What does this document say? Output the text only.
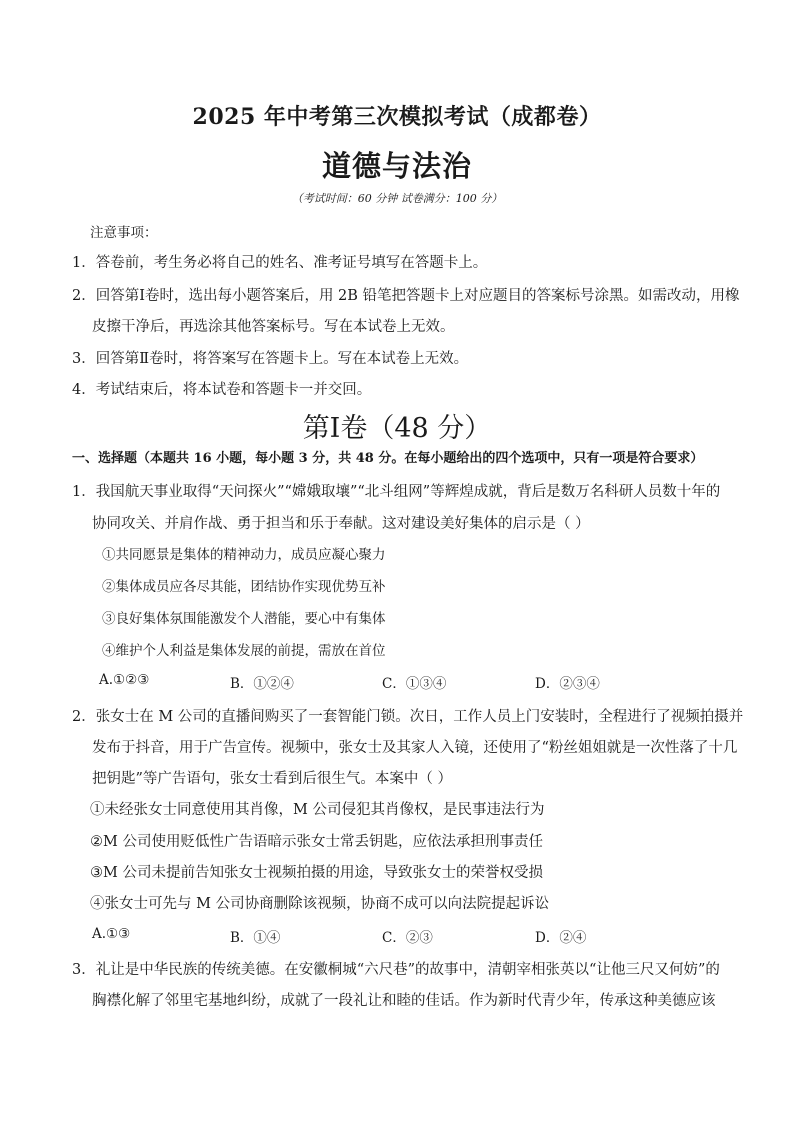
2025 年中考第三次模拟考试（成都卷）
道德与法治
（考试时间：60 分钟 试卷满分：100 分）
注意事项：
1．答卷前，考生务必将自己的姓名、准考证号填写在答题卡上。
2．回答第Ⅰ卷时，选出每小题答案后，用 2B 铅笔把答题卡上对应题目的答案标号涂黑。如需改动，用橡
皮擦干净后，再选涂其他答案标号。写在本试卷上无效。
3．回答第Ⅱ卷时，将答案写在答题卡上。写在本试卷上无效。
4．考试结束后，将本试卷和答题卡一并交回。
第Ⅰ卷（48 分）
一、选择题（本题共 16 小题，每小题 3 分，共 48 分。在每小题给出的四个选项中，只有一项是符合要求）
1．我国航天事业取得“天问探火”“嫦娥取壤”“北斗组网”等辉煌成就，背后是数万名科研人员数十年的
协同攻关、并肩作战、勇于担当和乐于奉献。这对建设美好集体的启示是（ ）
①共同愿景是集体的精神动力，成员应凝心聚力
②集体成员应各尽其能，团结协作实现优势互补
③良好集体氛围能激发个人潜能，要心中有集体
④维护个人利益是集体发展的前提，需放在首位
A.①②③	B．①②④	C．①③④	D．②③④
2．张女士在 M 公司的直播间购买了一套智能门锁。次日，工作人员上门安装时，全程进行了视频拍摄并
发布于抖音，用于广告宣传。视频中，张女士及其家人入镜，还使用了“粉丝姐姐就是一次性落了十几
把钥匙”等广告语句，张女士看到后很生气。本案中（ ）
①未经张女士同意使用其肖像，M 公司侵犯其肖像权，是民事违法行为
②M 公司使用贬低性广告语暗示张女士常丢钥匙，应依法承担刑事责任
③M 公司未提前告知张女士视频拍摄的用途，导致张女士的荣誉权受损
④张女士可先与 M 公司协商删除该视频，协商不成可以向法院提起诉讼
A.①③	B．①④	C．②③	D．②④
3．礼让是中华民族的传统美德。在安徽桐城“六尺巷”的故事中，清朝宰相张英以“让他三尺又何妨”的
胸襟化解了邻里宅基地纠纷，成就了一段礼让和睦的佳话。作为新时代青少年，传承这种美德应该
